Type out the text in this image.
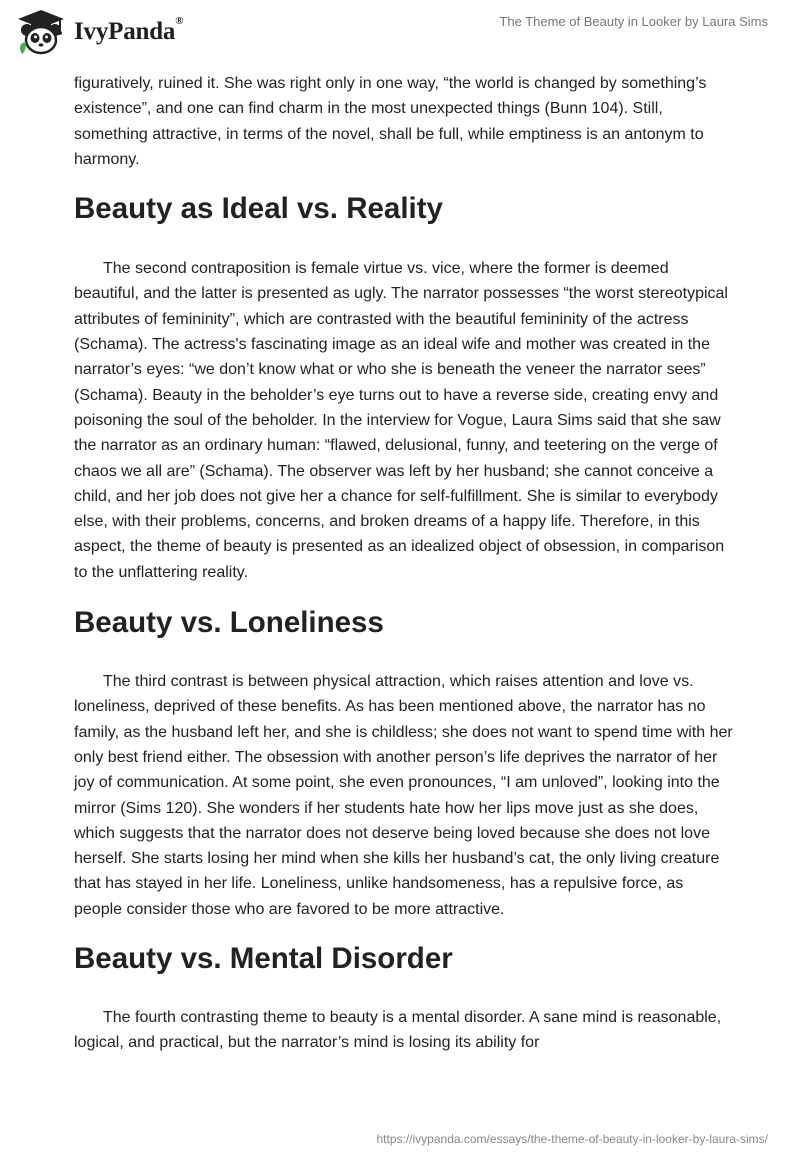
IvyPanda®	The Theme of Beauty in Looker by Laura Sims

figuratively, ruined it. She was right only in one way, “the world is changed by something’s existence”, and one can find charm in the most unexpected things (Bunn 104). Still, something attractive, in terms of the novel, shall be full, while emptiness is an antonym to harmony.

Beauty as Ideal vs. Reality

The second contraposition is female virtue vs. vice, where the former is deemed beautiful, and the latter is presented as ugly. The narrator possesses “the worst stereotypical attributes of femininity”, which are contrasted with the beautiful femininity of the actress (Schama). The actress's fascinating image as an ideal wife and mother was created in the narrator’s eyes: “we don’t know what or who she is beneath the veneer the narrator sees” (Schama). Beauty in the beholder’s eye turns out to have a reverse side, creating envy and poisoning the soul of the beholder. In the interview for Vogue, Laura Sims said that she saw the narrator as an ordinary human: “flawed, delusional, funny, and teetering on the verge of chaos we all are” (Schama). The observer was left by her husband; she cannot conceive a child, and her job does not give her a chance for self-fulfillment. She is similar to everybody else, with their problems, concerns, and broken dreams of a happy life. Therefore, in this aspect, the theme of beauty is presented as an idealized object of obsession, in comparison to the unflattering reality.

Beauty vs. Loneliness

The third contrast is between physical attraction, which raises attention and love vs. loneliness, deprived of these benefits. As has been mentioned above, the narrator has no family, as the husband left her, and she is childless; she does not want to spend time with her only best friend either. The obsession with another person’s life deprives the narrator of her joy of communication. At some point, she even pronounces, “I am unloved”, looking into the mirror (Sims 120). She wonders if her students hate how her lips move just as she does, which suggests that the narrator does not deserve being loved because she does not love herself. She starts losing her mind when she kills her husband’s cat, the only living creature that has stayed in her life. Loneliness, unlike handsomeness, has a repulsive force, as people consider those who are favored to be more attractive.

Beauty vs. Mental Disorder

The fourth contrasting theme to beauty is a mental disorder. A sane mind is reasonable, logical, and practical, but the narrator’s mind is losing its ability for

https://ivypanda.com/essays/the-theme-of-beauty-in-looker-by-laura-sims/
